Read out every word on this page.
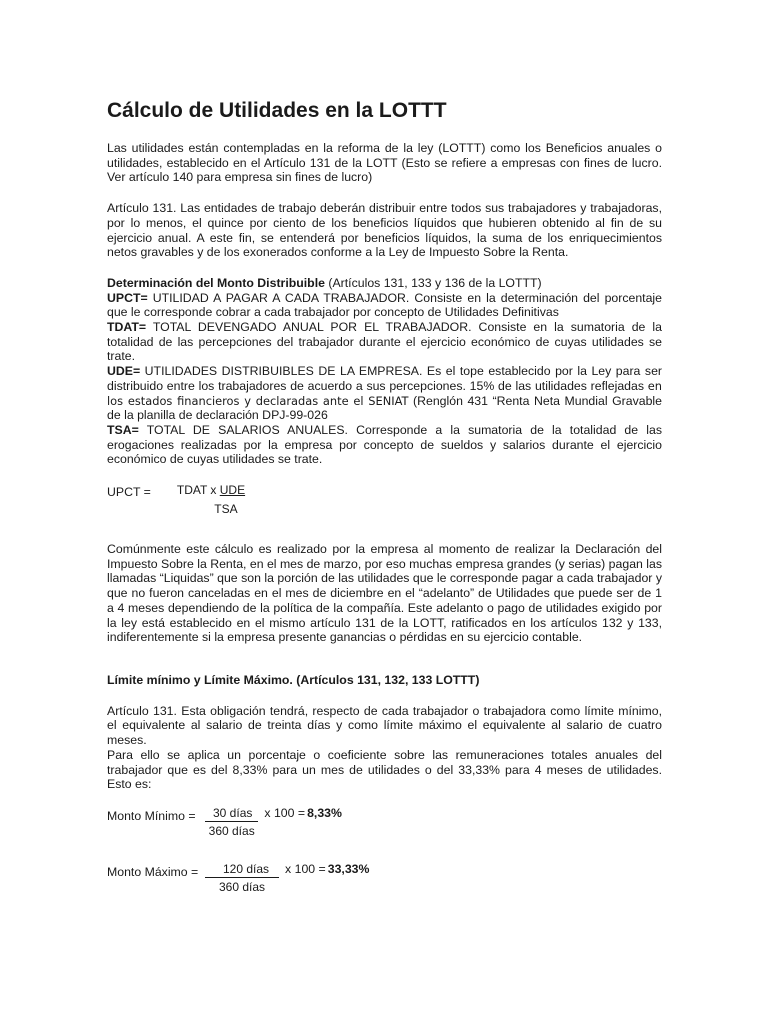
Cálculo de Utilidades en la LOTTT

Las utilidades están contempladas en la reforma de la ley (LOTTT) como los Beneficios anuales o utilidades, establecido en el Artículo 131 de la LOTT (Esto se refiere a empresas con fines de lucro. Ver artículo 140 para empresa sin fines de lucro)

Artículo 131. Las entidades de trabajo deberán distribuir entre todos sus trabajadores y trabajadoras, por lo menos, el quince por ciento de los beneficios líquidos que hubieren obtenido al fin de su ejercicio anual. A este fin, se entenderá por beneficios líquidos, la suma de los enriquecimientos netos gravables y de los exonerados conforme a la Ley de Impuesto Sobre la Renta.

Determinación del Monto Distribuible (Artículos 131, 133 y 136 de la LOTTT)

UPCT= UTILIDAD A PAGAR A CADA TRABAJADOR. Consiste en la determinación del porcentaje que le corresponde cobrar a cada trabajador por concepto de Utilidades Definitivas

TDAT= TOTAL DEVENGADO ANUAL POR EL TRABAJADOR. Consiste en la sumatoria de la totalidad de las percepciones del trabajador durante el ejercicio económico de cuyas utilidades se trate.

UDE= UTILIDADES DISTRIBUIBLES DE LA EMPRESA. Es el tope establecido por la Ley para ser distribuido entre los trabajadores de acuerdo a sus percepciones. 15% de las utilidades reflejadas en los estados financieros y declaradas ante el SENIAT (Renglón 431 “Renta Neta Mundial Gravable de la planilla de declaración DPJ-99-026

TSA= TOTAL DE SALARIOS ANUALES. Corresponde a la sumatoria de la totalidad de las erogaciones realizadas por la empresa por concepto de sueldos y salarios durante el ejercicio económico de cuyas utilidades se trate.

UPCT =	TDAT x UDE
TSA

Comúnmente este cálculo es realizado por la empresa al momento de realizar la Declaración del Impuesto Sobre la Renta, en el mes de marzo, por eso muchas empresa grandes (y serias) pagan las llamadas “Liquidas” que son la porción de las utilidades que le corresponde pagar a cada trabajador y que no fueron canceladas en el mes de diciembre en el “adelanto” de Utilidades que puede ser de 1 a 4 meses dependiendo de la política de la compañía. Este adelanto o pago de utilidades exigido por la ley está establecido en el mismo artículo 131 de la LOTT, ratificados en los artículos 132 y 133, indiferentemente si la empresa presente ganancias o pérdidas en su ejercicio contable.

Límite mínimo y Límite Máximo. (Artículos 131, 132, 133 LOTTT)

Artículo 131. Esta obligación tendrá, respecto de cada trabajador o trabajadora como límite mínimo, el equivalente al salario de treinta días y como límite máximo el equivalente al salario de cuatro meses.

Para ello se aplica un porcentaje o coeficiente sobre las remuneraciones totales anuales del trabajador que es del 8,33% para un mes de utilidades o del 33,33% para 4 meses de utilidades. Esto es:

Monto Mínimo = $\frac{\text{30 días}}{\text{360 días}}$ x 100 = 8,33%
Monto Máximo = $\frac{\text{120 días}}{\text{360 días}}$ x 100 = 33,33%
